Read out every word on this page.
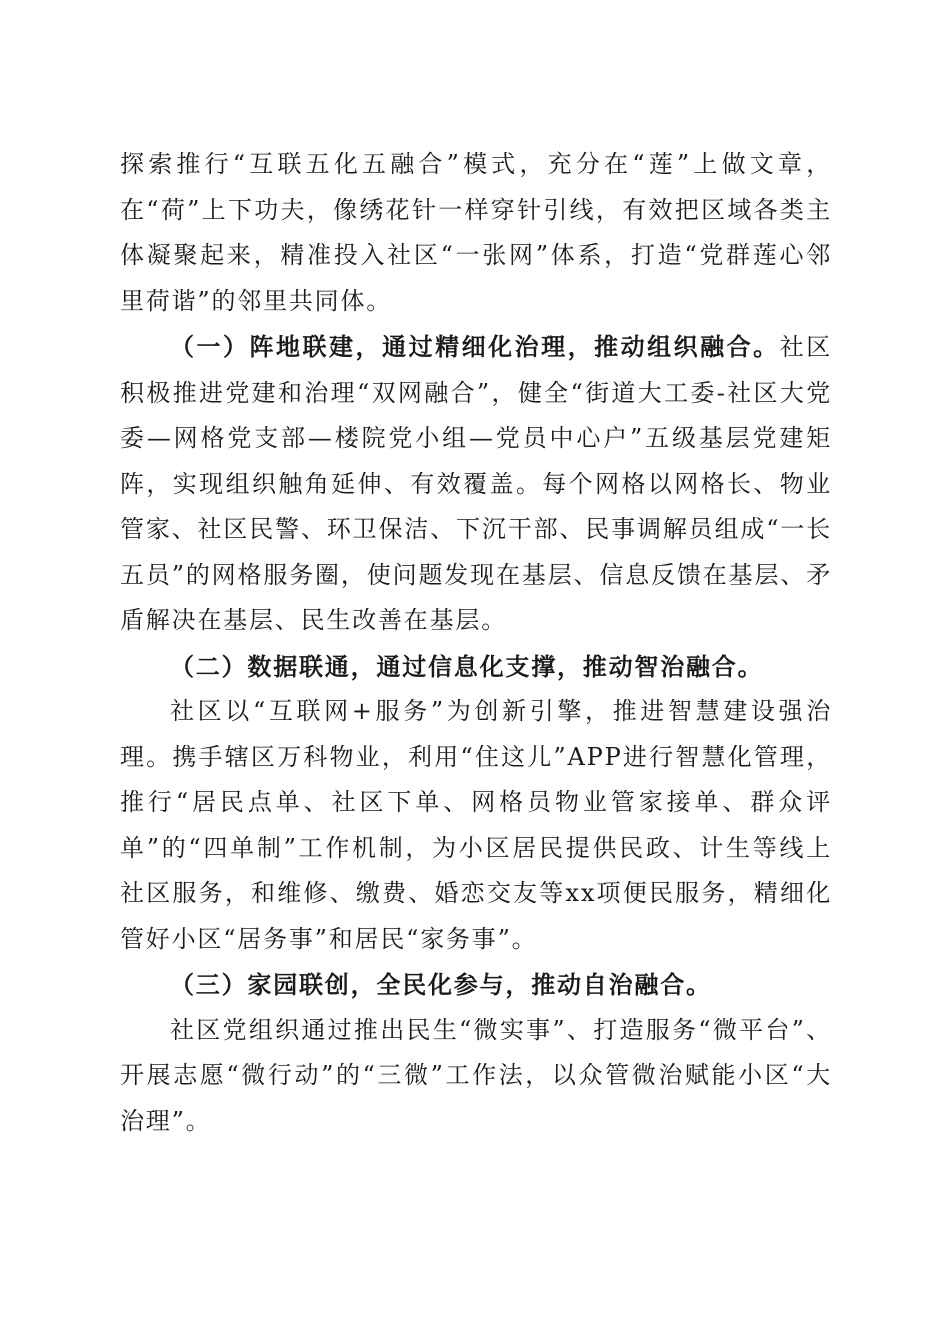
探索推行“互联五化五融合”模式，充分在“莲”上做文章，在“荷”上下功夫，像绣花针一样穿针引线，有效把区域各类主体凝聚起来，精准投入社区“一张网”体系，打造“党群莲心邻里荷谐”的邻里共同体。

（一）阵地联建，通过精细化治理，推动组织融合。社区积极推进党建和治理“双网融合”，健全“街道大工委-社区大党委—网格党支部—楼院党小组—党员中心户”五级基层党建矩阵，实现组织触角延伸、有效覆盖。每个网格以网格长、物业管家、社区民警、环卫保洁、下沉干部、民事调解员组成“一长五员”的网格服务圈，使问题发现在基层、信息反馈在基层、矛盾解决在基层、民生改善在基层。

（二）数据联通，通过信息化支撑，推动智治融合。

社区以“互联网+服务”为创新引擎，推进智慧建设强治理。携手辖区万科物业，利用“住这儿”APP进行智慧化管理，推行“居民点单、社区下单、网格员物业管家接单、群众评单”的“四单制”工作机制，为小区居民提供民政、计生等线上社区服务，和维修、缴费、婚恋交友等xx项便民服务，精细化管好小区“居务事”和居民“家务事”。

（三）家园联创，全民化参与，推动自治融合。

社区党组织通过推出民生“微实事”、打造服务“微平台”、开展志愿“微行动”的“三微”工作法，以众管微治赋能小区“大治理”。
